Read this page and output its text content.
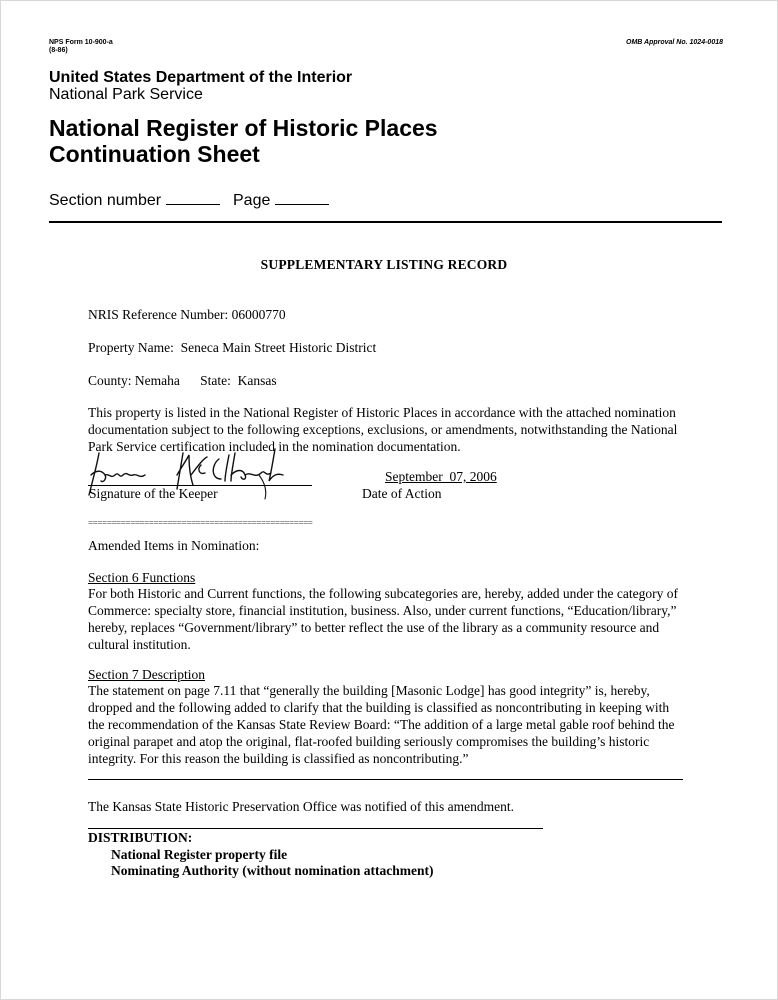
NPS Form 10-900-a
(8-86)
OMB Approval No. 1024-0018
United States Department of the Interior
National Park Service
National Register of Historic Places
Continuation Sheet
Section number	Page
SUPPLEMENTARY LISTING RECORD
NRIS Reference Number: 06000770
Property Name:  Seneca Main Street Historic District
County: Nemaha      State:  Kansas
This property is listed in the National Register of Historic Places in accordance with the attached nomination documentation subject to the following exceptions, exclusions, or amendments, notwithstanding the National Park Service certification included in the nomination documentation.
Signature of the Keeper
September  07, 2006
Date of Action
================================================
Amended Items in Nomination:
Section 6 Functions
For both Historic and Current functions, the following subcategories are, hereby, added under the category of Commerce: specialty store, financial institution, business. Also, under current functions, “Education/library,” hereby, replaces “Government/library” to better reflect the use of the library as a community resource and cultural institution.
Section 7 Description
The statement on page 7.11 that “generally the building [Masonic Lodge] has good integrity” is, hereby, dropped and the following added to clarify that the building is classified as noncontributing in keeping with the recommendation of the Kansas State Review Board: “The addition of a large metal gable roof behind the original parapet and atop the original, flat-roofed building seriously compromises the building’s historic integrity. For this reason the building is classified as noncontributing.”
The Kansas State Historic Preservation Office was notified of this amendment.
DISTRIBUTION:
National Register property file
Nominating Authority (without nomination attachment)
